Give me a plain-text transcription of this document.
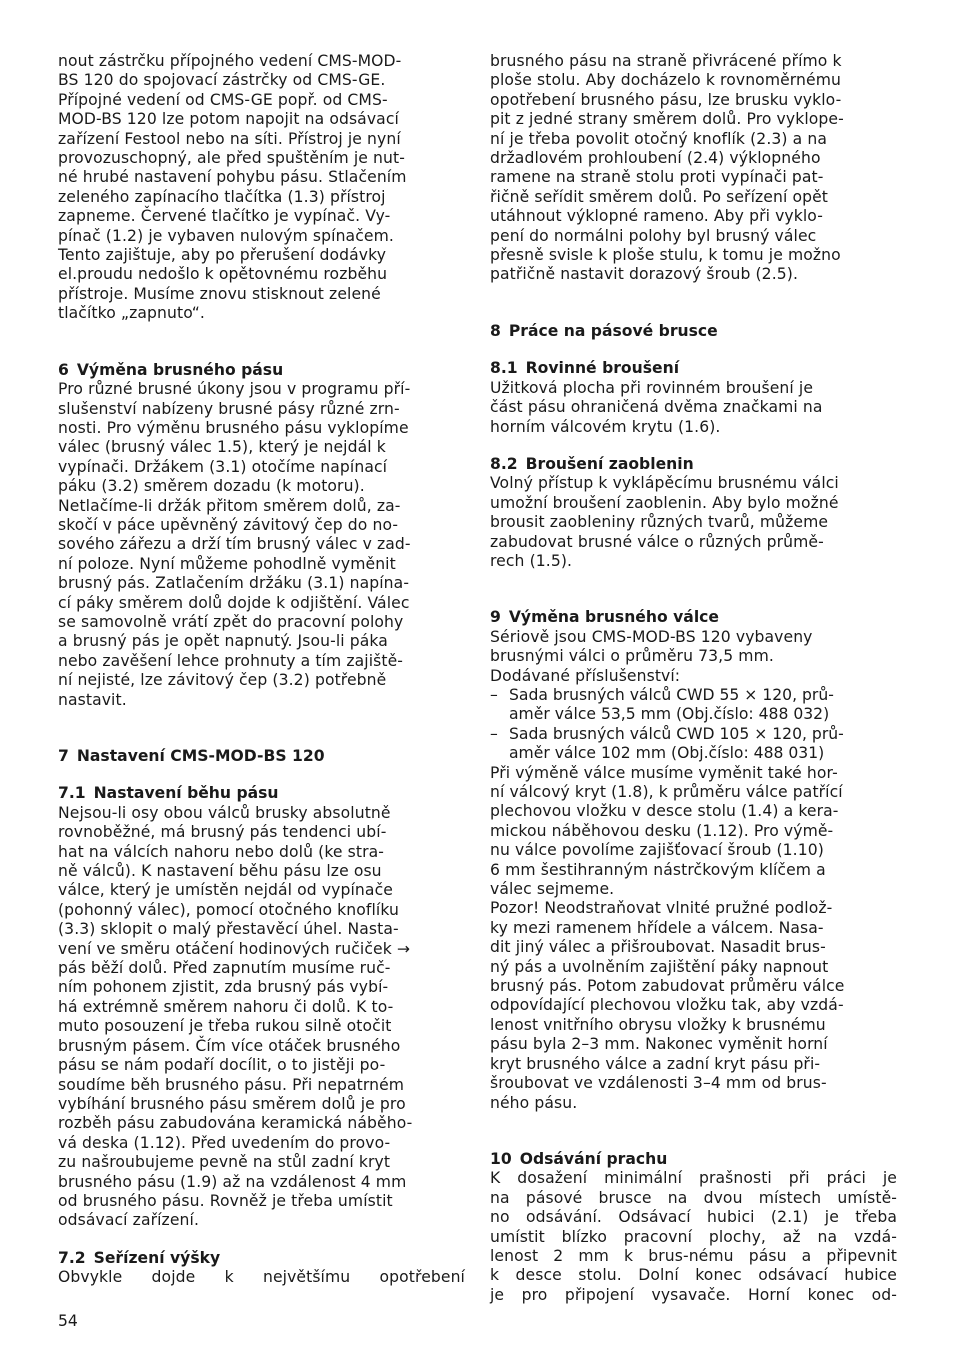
nout zástrčku přípojného vedení CMS-MOD-
BS 120 do spojovací zástrčky od CMS-GE.
Přípojné vedení od CMS-GE popř. od CMS-
MOD-BS 120 lze potom napojit na odsávací
zařízení Festool nebo na síti. Přístroj je nyní
provozuschopný, ale před spuštěním je nut-
né hrubé nastavení pohybu pásu. Stlačením
zeleného zapínacího tlačítka (1.3) přístroj
zapneme. Červené tlačítko je vypínač. Vy-
pínač (1.2) je vybaven nulovým spínačem.
Tento zajištuje, aby po přerušení dodávky
el.proudu nedošlo k opětovnému rozběhu
přístroje. Musíme znovu stisknout zelené
tlačítko „zapnuto“.

6 Výměna brusného pásu

Pro různé brusné úkony jsou v programu pří-
slušenství nabízeny brusné pásy různé zrn-
nosti. Pro výměnu brusného pásu vyklopíme
válec (brusný válec 1.5), který je nejdál k
vypínači. Držákem (3.1) otočíme napínací
páku (3.2) směrem dozadu (k motoru).
Netlačíme-li držák přitom směrem dolů, za-
skočí v páce upěvněný závitový čep do no-
sového zářezu a drží tím brusný válec v zad-
ní poloze. Nyní můžeme pohodlně vyměnit
brusný pás. Zatlačením držáku (3.1) napína-
cí páky směrem dolů dojde k odjištění. Válec
se samovolně vrátí zpět do pracovní polohy
a brusný pás je opět napnutý. Jsou-li páka
nebo zavěšení lehce prohnuty a tím zajiště-
ní nejisté, lze závitový čep (3.2) potřebně
nastavit.

7 Nastavení CMS-MOD-BS 120
7.1 Nastavení běhu pásu

Nejsou-li osy obou válců brusky absolutně
rovnoběžné, má brusný pás tendenci ubí-
hat na válcích nahoru nebo dolů (ke stra-
ně válců). K nastavení běhu pásu lze osu
válce, který je umístěn nejdál od vypínače
(pohonný válec), pomocí otočného knoflíku
(3.3) sklopit o malý přestavěcí úhel. Nasta-
vení ve směru otáčení hodinových ručiček →
pás běží dolů. Před zapnutím musíme ruč-
ním pohonem zjistit, zda brusný pás vybí-
há extrémně směrem nahoru či dolů. K to-
muto posouzení je třeba rukou silně otočit
brusným pásem. Čím více otáček brusného
pásu se nám podaří docílit, o to jistěji po-
soudíme běh brusného pásu. Při nepatrném
vybíhání brusného pásu směrem dolů je pro
rozběh pásu zabudována keramická náběho-
vá deska (1.12). Před uvedením do provo-
zu našroubujeme pevně na stůl zadní kryt
brusného pásu (1.9) až na vzdálenost 4 mm
od brusného pásu. Rovněž je třeba umístit
odsávací zařízení.

7.2 Seřízení výšky

Obvykle dojde k největšímu opotřebení

brusného pásu na straně přivrácené přímo k
ploše stolu. Aby docházelo k rovnoměrnému
opotřebení brusného pásu, lze brusku vyklo-
pit z jedné strany směrem dolů. Pro vyklope-
ní je třeba povolit otočný knoflík (2.3) a na
držadlovém prohloubení (2.4) výklopného
ramene na straně stolu proti vypínači pat-
řičně seřídit směrem dolů. Po seřízení opět
utáhnout výklopné rameno. Aby při vyklo-
pení do normálni polohy byl brusný válec
přesně svisle k ploše stulu, k tomu je možno
patřičně nastavit dorazový šroub (2.5).

8 Práce na pásové brusce
8.1 Rovinné broušení

Užitková plocha při rovinném broušení je
část pásu ohraničená dvěma značkami na
horním válcovém krytu (1.6).

8.2 Broušení zaoblenin

Volný přístup k vyklápěcímu brusnému válci
umožní broušení zaoblenin. Aby bylo možné
brousit zaobleniny různých tvarů, můžeme
zabudovat brusné válce o různých průmě-
rech (1.5).

9 Výměna brusného válce

Sériově jsou CMS-MOD-BS 120 vybaveny
brusnými válci o průměru 73,5 mm.
Dodávané příslušenství:

– Sada brusných válců CWD 55 × 120, prů-
aměr válce 53,5 mm (Obj.číslo: 488 032)
– Sada brusných válců CWD 105 × 120, prů-
aměr válce 102 mm (Obj.číslo: 488 031)

Při výměně válce musíme vyměnit také hor-
ní válcový kryt (1.8), k průměru válce patřící
plechovou vložku v desce stolu (1.4) a kera-
mickou náběhovou desku (1.12). Pro výmě-
nu válce povolíme zajišťovací šroub (1.10)
6 mm šestihranným nástrčkovým klíčem a
válec sejmeme.
Pozor! Neodstraňovat vlnité pružné podlož-
ky mezi ramenem hřídele a válcem. Nasa-
dit jiný válec a přišroubovat. Nasadit brus-
ný pás a uvolněním zajištění páky napnout
brusný pás. Potom zabudovat průměru válce
odpovídající plechovou vložku tak, aby vzdá-
lenost vnitřního obrysu vložky k brusnému
pásu byla 2–3 mm. Nakonec vyměnit horní
kryt brusného válce a zadní kryt pásu při-
šroubovat ve vzdálenosti 3–4 mm od brus-
ného pásu.

10 Odsávání prachu

K dosažení minimální prašnosti při práci je
na pásové brusce na dvou místech umístě-
no odsávání. Odsávací hubici (2.1) je třeba
umístit blízko pracovní plochy, až na vzdá-
lenost 2 mm k brus-nému pásu a připevnit
k desce stolu. Dolní konec odsávací hubice
je pro připojení vysavače. Horní konec od-

54
